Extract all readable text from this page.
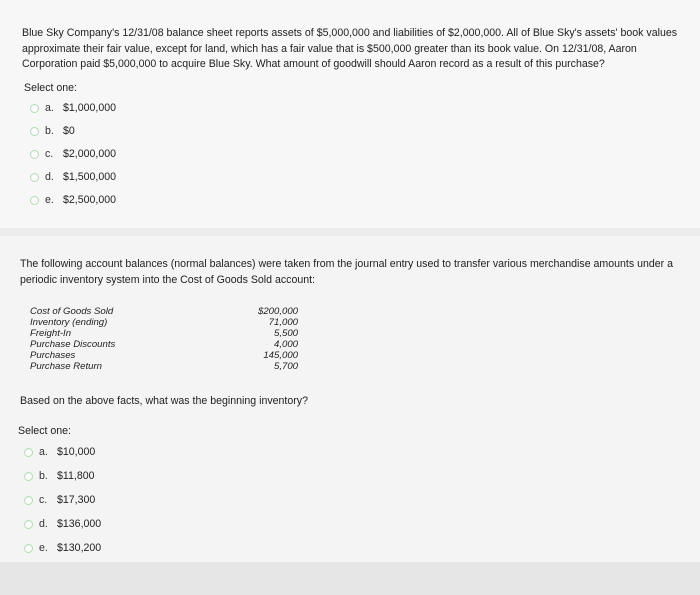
Blue Sky Company's 12/31/08 balance sheet reports assets of $5,000,000 and liabilities of $2,000,000. All of Blue Sky's assets' book values approximate their fair value, except for land, which has a fair value that is $500,000 greater than its book value. On 12/31/08, Aaron Corporation paid $5,000,000 to acquire Blue Sky. What amount of goodwill should Aaron record as a result of this purchase?
Select one:
a. $1,000,000
b. $0
c. $2,000,000
d. $1,500,000
e. $2,500,000
The following account balances (normal balances) were taken from the journal entry used to transfer various merchandise amounts under a periodic inventory system into the Cost of Goods Sold account:
Cost of Goods Sold	$200,000
Inventory (ending)	71,000
Freight-In	5,500
Purchase Discounts	4,000
Purchases	145,000
Purchase Return	5,700
Based on the above facts, what was the beginning inventory?
Select one:
a. $10,000
b. $11,800
c. $17,300
d. $136,000
e. $130,200
